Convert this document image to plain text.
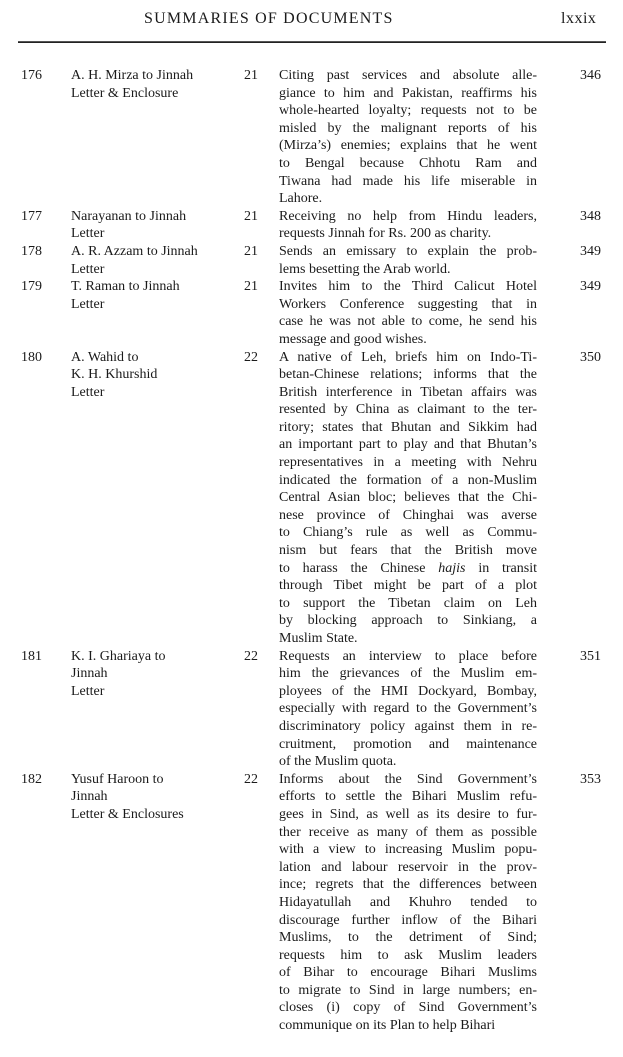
SUMMARIES OF DOCUMENTS	lxxix
176 A. H. Mirza to Jinnah
Letter & Enclosure
21 Citing past services and absolute alle-
giance to him and Pakistan, reaffirms his
whole-hearted loyalty; requests not to be
misled by the malignant reports of his
(Mirza’s) enemies; explains that he went
to Bengal because Chhotu Ram and
Tiwana had made his life miserable in
Lahore.
346
177 Narayanan to Jinnah
Letter
21 Receiving no help from Hindu leaders,
requests Jinnah for Rs. 200 as charity.
348
178 A. R. Azzam to Jinnah
Letter
21 Sends an emissary to explain the prob-
lems besetting the Arab world.
349
179 T. Raman to Jinnah
Letter
21 Invites him to the Third Calicut Hotel
Workers Conference suggesting that in
case he was not able to come, he send his
message and good wishes.
349
180 A. Wahid to
K. H. Khurshid
Letter
22 A native of Leh, briefs him on Indo-Ti-
betan-Chinese relations; informs that the
British interference in Tibetan affairs was
resented by China as claimant to the ter-
ritory; states that Bhutan and Sikkim had
an important part to play and that Bhutan’s
representatives in a meeting with Nehru
indicated the formation of a non-Muslim
Central Asian bloc; believes that the Chi-
nese province of Chinghai was averse
to Chiang’s rule as well as Commu-
nism but fears that the British move
to harass the Chinese hajis in transit
through Tibet might be part of a plot
to support the Tibetan claim on Leh
by blocking approach to Sinkiang, a
Muslim State.
350
181 K. I. Ghariaya to
Jinnah
Letter
22 Requests an interview to place before
him the grievances of the Muslim em-
ployees of the HMI Dockyard, Bombay,
especially with regard to the Government’s
discriminatory policy against them in re-
cruitment, promotion and maintenance
of the Muslim quota.
351
182 Yusuf Haroon to
Jinnah
Letter & Enclosures
22 Informs about the Sind Government’s
efforts to settle the Bihari Muslim refu-
gees in Sind, as well as its desire to fur-
ther receive as many of them as possible
with a view to increasing Muslim popu-
lation and labour reservoir in the prov-
ince; regrets that the differences between
Hidayatullah and Khuhro tended to
discourage further inflow of the Bihari
Muslims, to the detriment of Sind;
requests him to ask Muslim leaders
of Bihar to encourage Bihari Muslims
to migrate to Sind in large numbers; en-
closes (i) copy of Sind Government’s
communique on its Plan to help Bihari
353
